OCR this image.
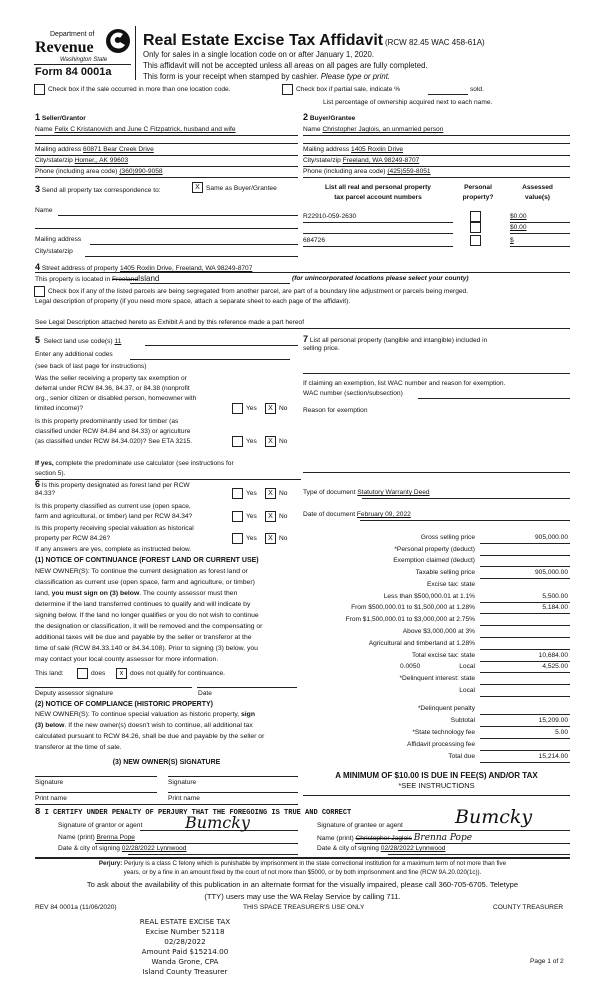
Department of
Revenue
Washington State
Form 84 0001a
Real Estate Excise Tax Affidavit (RCW 82.45 WAC 458-61A)
Only for sales in a single location code on or after January 1, 2020.
This affidavit will not be accepted unless all areas on all pages are fully completed.
This form is your receipt when stamped by cashier. Please type or print.
Check box if the sale occurred in more than one location code.	Check box if partial sale, indicate %	sold.
List percentage of ownership acquired next to each name.
1 Seller/Grantor	2 Buyer/Grantee
Name Felix C Kristanovich and June C Fitzpatrick, husband and wife	Name Christopher Jaglois, an unmarried person
Mailing address 60871 Bear Creek Drive
City/state/zip Homer,, AK 99603
Phone (including area code) (360)990-9058
Mailing address 1405 Roxlin Drive
City/state/zip Freeland, WA 98249-8707
Phone (including area code) (425)559-8051
3 Send all property tax correspondence to:	X Same as Buyer/Grantee
Name
Mailing address
City/state/zip
List all real and personal property
tax parcel account numbers
Personal
property?
Assessed
value(s)
4 Street address of property 1405 Roxlin Drive, Freeland, WA 98249-8707
This property is located in FreelandIsland	(for unincorporated locations please select your county)
Check box if any of the listed parcels are being segregated from another parcel, are part of a boundary line adjustment or parcels being merged.
Legal description of property (if you need more space, attach a separate sheet to each page of the affidavit).
See Legal Description attached hereto as Exhibit A and by this reference made a part hereof
5 Select land use code(s) 11
Enter any additional codes
(see back of last page for instructions)
If yes, complete the predominate use calculator (see instructions for
section 5).
7 List all personal property (tangible and intangible) included in
selling price.
If claiming an exemption, list WAC number and reason for exemption.
WAC number (section/subsection)
Reason for exemption
Type of document Statutory Warranty Deed
Date of document February 09, 2022
If any answers are yes, complete as instructed below.
(1) NOTICE OF CONTINUANCE (FOREST LAND OR CURRENT USE)
This land:	does	x	does not qualify for continuance.
Deputy assessor signature	Date
(2) NOTICE OF COMPLIANCE (HISTORIC PROPERTY)
(3) NEW OWNER(S) SIGNATURE
Signature	Signature
Print name	Print name
A MINIMUM OF $10.00 IS DUE IN FEE(S) AND/OR TAX
*SEE INSTRUCTIONS
8 I CERTIFY UNDER PENALTY OF PERJURY THAT THE FOREGOING IS TRUE AND CORRECT
Signature of grantor or agent	Bumcky
Name (print) Brenna Pope
Date & city of signing 02/28/2022 Lynnwood
Signature of grantee or agent	Bumcky
Name (print) Christopher Jaglois Brenna Pope
Date & city of signing 02/28/2022 Lynnwood
Perjury: Perjury is a class C felony which is punishable by imprisonment in the state correctional institution for a maximum term of not more than five
years, or by a fine in an amount fixed by the court of not more than $5000, or by both imprisonment and fine (RCW 9A.20.020(1c)).
To ask about the availability of this publication in an alternate format for the visually impaired, please call 360-705-6705. Teletype
(TTY) users may use the WA Relay Service by calling 711.
REV 84 0001a (11/06/2020)	THIS SPACE TREASURER'S USE ONLY	COUNTY TREASURER
REAL ESTATE EXCISE TAX
Excise Number 52118
02/28/2022
Amount Paid $15214.00
Wanda Grone, CPA
Island County Treasurer
Page 1 of 2
R22910-059-2630	$0.00
$0.00
684726	$
Was the seller receiving a property tax exemption or
deferral under RCW 84.36, 84.37, or 84.38 (nonprofit
org., senior citizen or disabled person, homeowner with
limited income)?	Yes	X No
Is this property predominantly used for timber (as
classified under RCW 84.84 and 84.33) or agriculture
(as classified under RCW 84.34.020)? See ETA 3215.	Yes	X No
6 Is this property designated as forest land per RCW
84.33?	Yes	X No
Is this property classified as current use (open space,
farm and agricultural, or timber) land per RCW 84.34?	Yes	X No
Is this property receiving special valuation as historical
property per RCW 84.26?	Yes	X No
NEW OWNER(S): To continue the current designation as forest land or
classification as current use (open space, farm and agriculture, or timber)
land, you must sign on (3) below. The county assessor must then
determine if the land transferred continues to qualify and will indicate by
signing below. If the land no longer qualifies or you do not wish to continue
the designation or classification, it will be removed and the compensating or
additional taxes will be due and payable by the seller or transferor at the
time of sale (RCW 84.33.140 or 84.34.108). Prior to signing (3) below, you
may contact your local county assessor for more information.
NEW OWNER(S): To continue special valuation as historic property, sign
(3) below. If the new owner(s) doesn't wish to continue, all additional tax
calculated pursuant to RCW 84.26, shall be due and payable by the seller or
transferor at the time of sale.
Gross selling price	905,000.00
*Personal property (deduct)
Exemption claimed (deduct)
Taxable selling price	905,000.00
Excise tax: state
Less than $500,000.01 at 1.1%	5,500.00
From $500,000.01 to $1,500,000 at 1.28%	5,184.00
From $1,500,000.01 to $3,000,000 at 2.75%
Above $3,000,000 at 3%
Agricultural and timberland at 1.28%
Total excise tax: state	10,684.00
Local
0.0050	4,525.00
*Delinquent interest: state
Local
*Delinquent penalty
Subtotal	15,209.00
*State technology fee	5.00
Affidavit processing fee
Total due	15,214.00
